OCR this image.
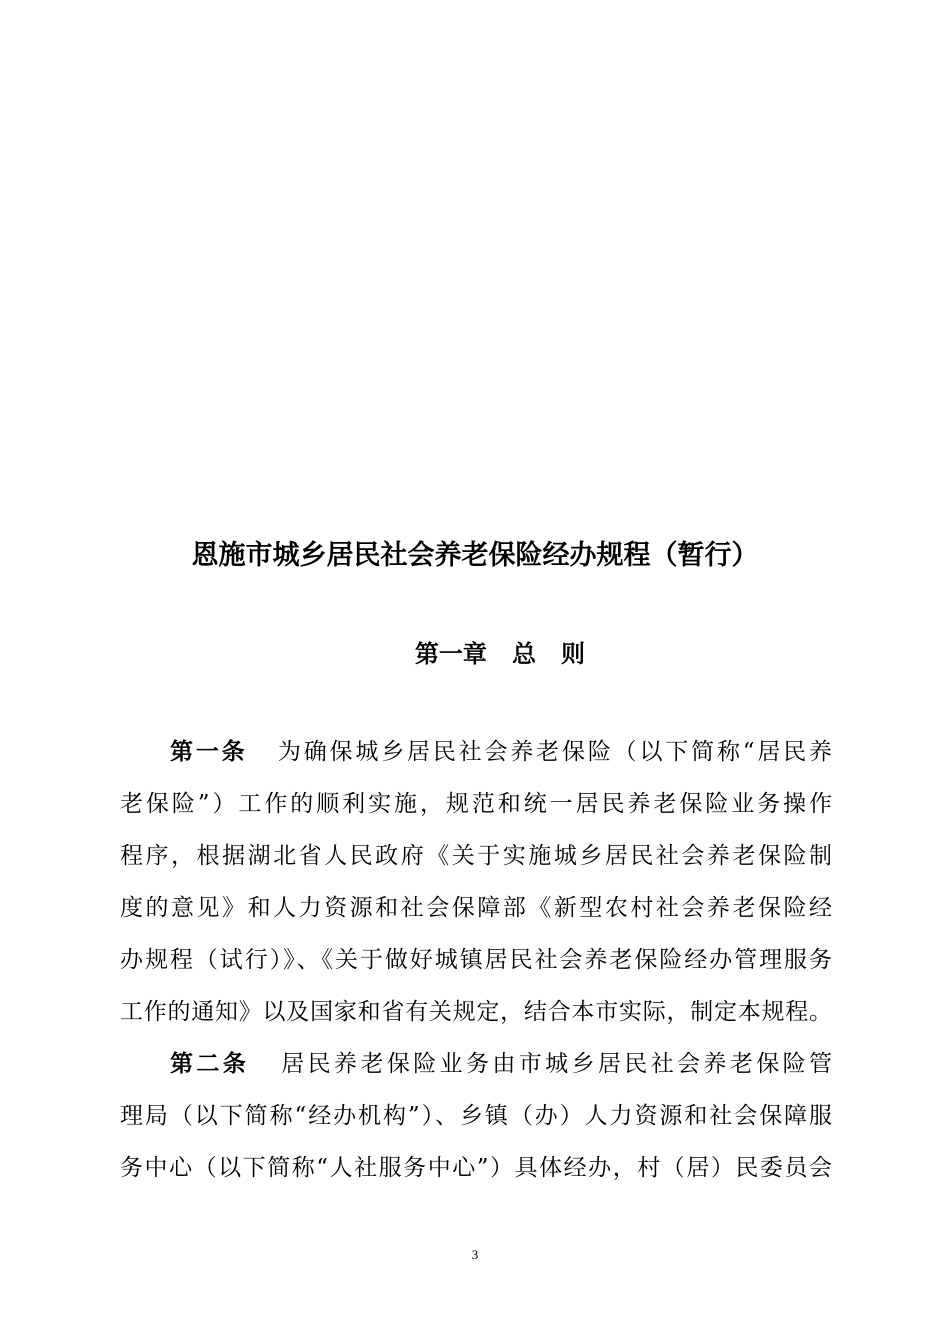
恩施市城乡居民社会养老保险经办规程（暂行）
第一章   总   则
第一条 为确保城乡居民社会养老保险（以下简称“居民养
老保险”）工作的顺利实施，规范和统一居民养老保险业务操作
程序，根据湖北省人民政府《关于实施城乡居民社会养老保险制
度的意见》和人力资源和社会保障部《新型农村社会养老保险经
办规程（试行）》、《关于做好城镇居民社会养老保险经办管理服务
工作的通知》以及国家和省有关规定，结合本市实际，制定本规程。
第二条 居民养老保险业务由市城乡居民社会养老保险管
理局（以下简称“经办机构”）、乡镇（办）人力资源和社会保障服
务中心（以下简称“人社服务中心”）具体经办，村（居）民委员会
3
